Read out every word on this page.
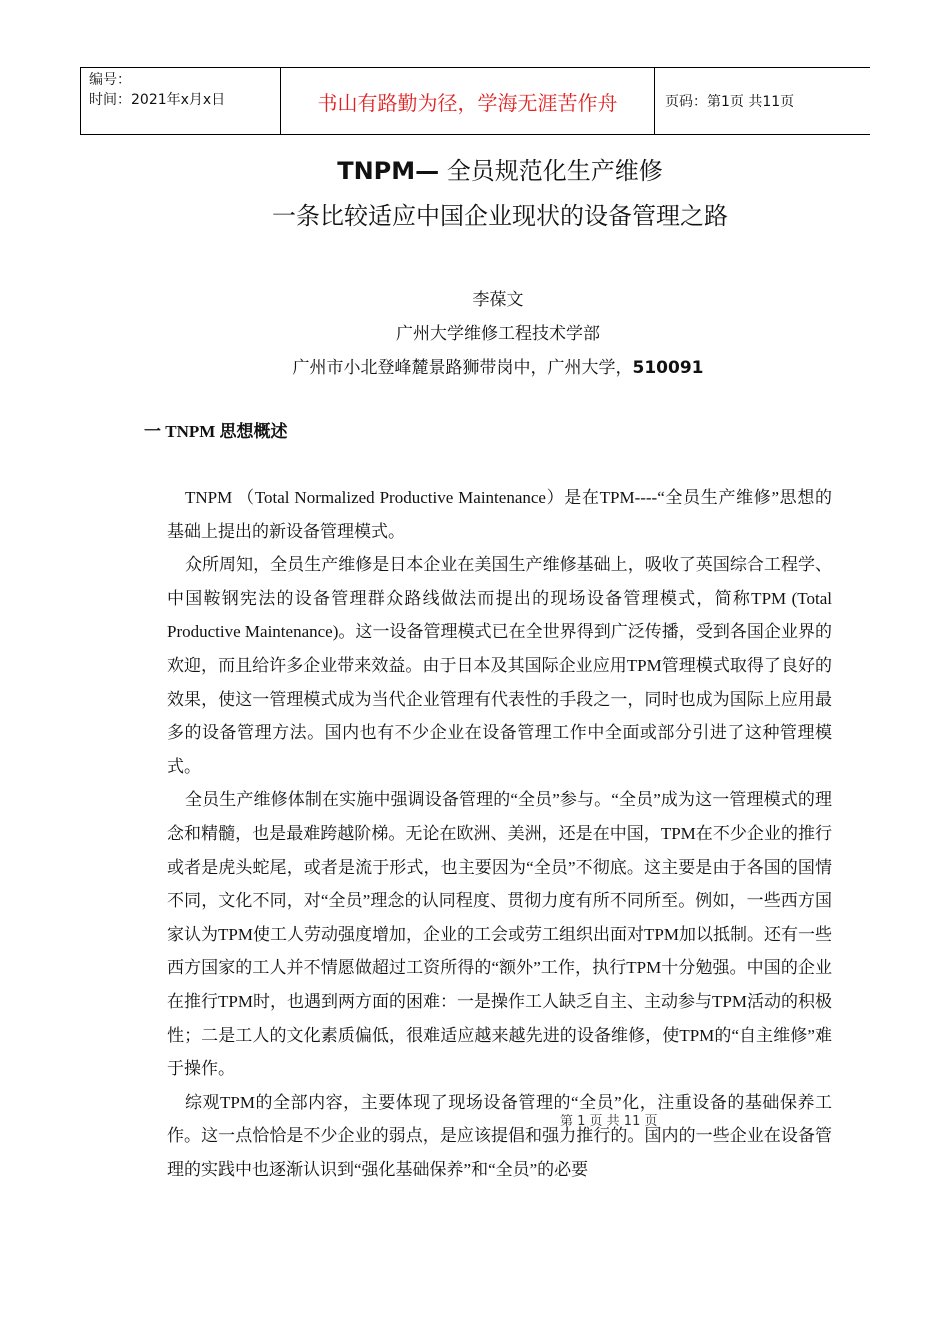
编号：
时间：2021年x月x日	书山有路勤为径，学海无涯苦作舟	页码：第1页 共11页
TNPM— 全员规范化生产维修
一条比较适应中国企业现状的设备管理之路
李葆文
广州大学维修工程技术学部
广州市小北登峰麓景路狮带岗中，广州大学，510091
一 TNPM 思想概述

TNPM （Total Normalized Productive Maintenance）是在TPM----“全员生产维修”思想的基础上提出的新设备管理模式。

众所周知，全员生产维修是日本企业在美国生产维修基础上，吸收了英国综合工程学、中国鞍钢宪法的设备管理群众路线做法而提出的现场设备管理模式，简称TPM (Total Productive Maintenance)。这一设备管理模式已在全世界得到广泛传播，受到各国企业界的欢迎，而且给许多企业带来效益。由于日本及其国际企业应用TPM管理模式取得了良好的效果，使这一管理模式成为当代企业管理有代表性的手段之一，同时也成为国际上应用最多的设备管理方法。国内也有不少企业在设备管理工作中全面或部分引进了这种管理模式。

全员生产维修体制在实施中强调设备管理的“全员”参与。“全员”成为这一管理模式的理念和精髓，也是最难跨越阶梯。无论在欧洲、美洲，还是在中国，TPM在不少企业的推行或者是虎头蛇尾，或者是流于形式，也主要因为“全员”不彻底。这主要是由于各国的国情不同，文化不同，对“全员”理念的认同程度、贯彻力度有所不同所至。例如，一些西方国家认为TPM使工人劳动强度增加，企业的工会或劳工组织出面对TPM加以抵制。还有一些西方国家的工人并不情愿做超过工资所得的“额外”工作，执行TPM十分勉强。中国的企业在推行TPM时，也遇到两方面的困难：一是操作工人缺乏自主、主动参与TPM活动的积极性；二是工人的文化素质偏低，很难适应越来越先进的设备维修，使TPM的“自主维修”难于操作。

综观TPM的全部内容，主要体现了现场设备管理的“全员”化，注重设备的基础保养工作。这一点恰恰是不少企业的弱点，是应该提倡和强力推行的。国内的一些企业在设备管理的实践中也逐渐认识到“强化基础保养”和“全员”的必要

第 1 页 共 11 页
